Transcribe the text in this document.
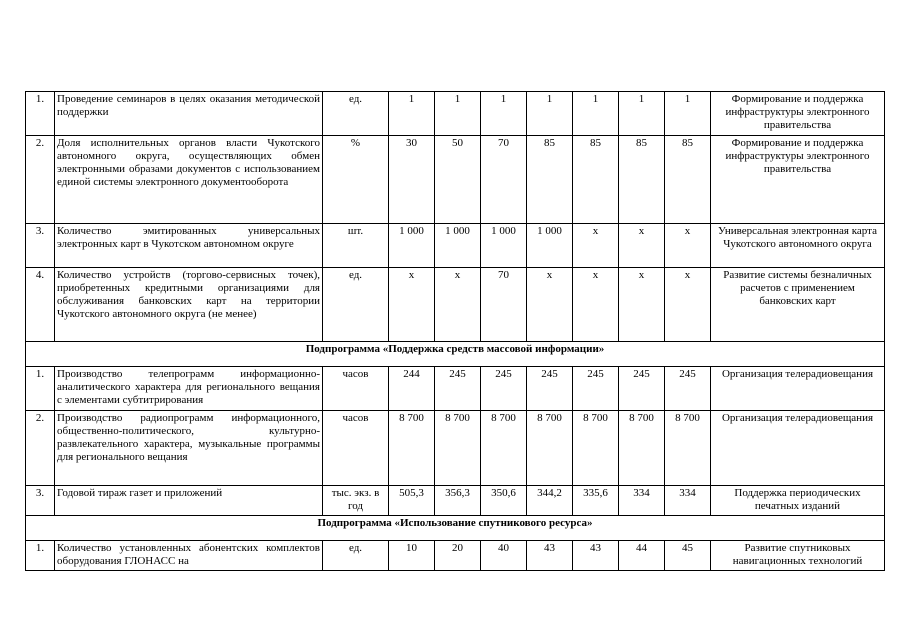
1.	Проведение семинаров в целях оказания методической поддержки	ед.	1	1	1	1	1	1	1	Формирование и поддержка инфраструктуры электронного правительства
2.	Доля исполнительных органов власти Чукотского автономного округа, осуществляющих обмен электронными образами документов с использованием единой системы электронного документооборота	%	30	50	70	85	85	85	85	Формирование и поддержка инфраструктуры электронного правительства
3.	Количество эмитированных универсальных электронных карт в Чукотском автономном округе	шт.	1 000	1 000	1 000	1 000	х	х	х	Универсальная электронная карта Чукотского автономного округа
4.	Количество устройств (торгово-сервисных точек), приобретенных кредитными организациями для обслуживания банковских карт на территории Чукотского автономного округа (не менее)	ед.	х	х	70	х	х	х	х	Развитие системы безналичных расчетов с применением банковских карт
Подпрограмма «Поддержка средств массовой информации»										
1.	Производство телепрограмм информационно-аналитического характера для регионального вещания с элементами субтитрирования	часов	244	245	245	245	245	245	245	Организация телерадиовещания
2.	Производство радиопрограмм информационного, общественно-политического, культурно-развлекательного характера, музыкальные программы для регионального вещания	часов	8 700	8 700	8 700	8 700	8 700	8 700	8 700	Организация телерадиовещания
3.	Годовой тираж газет и приложений	тыс. экз. в год	505,3	356,3	350,6	344,2	335,6	334	334	Поддержка периодических печатных изданий
Подпрограмма «Использование спутникового ресурса»										
1.	Количество установленных абонентских комплектов оборудования ГЛОНАСС на	ед.	10	20	40	43	43	44	45	Развитие спутниковых навигационных технологий
